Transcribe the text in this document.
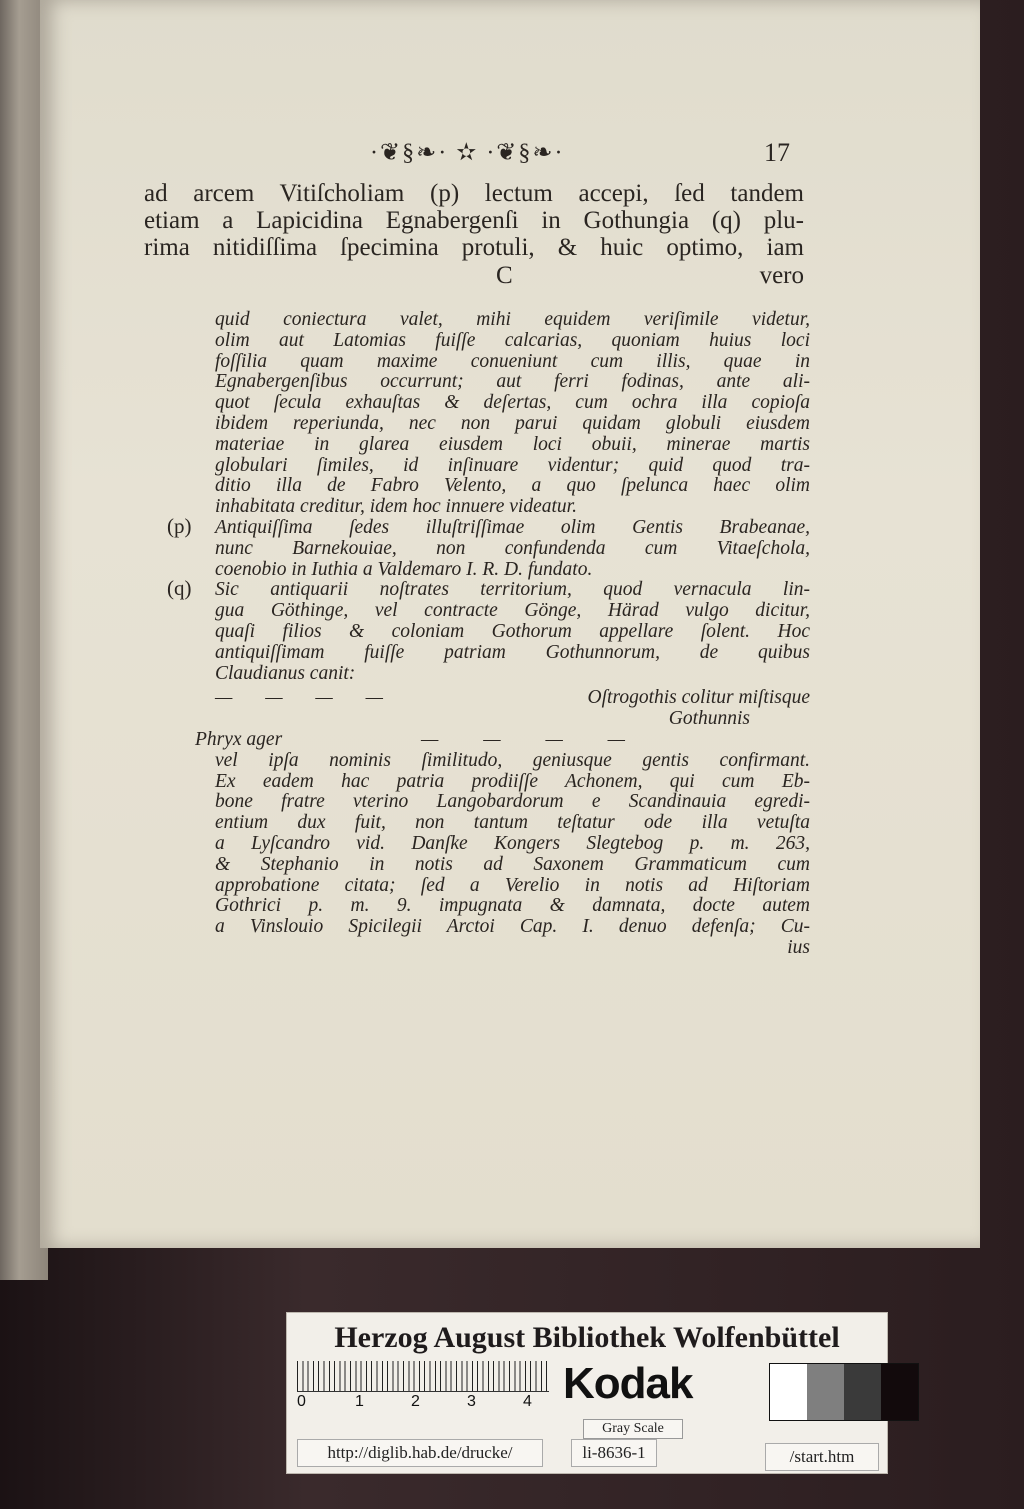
·❦§❧· ✫ ·❦§❧·	17
ad arcem Vitiſcholiam (p) lectum accepi, ſed tandem
etiam a Lapicidina Egnabergenſi in Gothungia (q) plu-
rima nitidiſſima ſpecimina protuli, & huic optimo, iam
C	vero
quid coniectura valet, mihi equidem veriſimile videtur,
olim aut Latomias fuiſſe calcarias, quoniam huius loci
foſſilia quam maxime conueniunt cum illis, quae in
Egnabergenſibus occurrunt; aut ferri fodinas, ante ali-
quot ſecula exhauſtas & deſertas, cum ochra illa copioſa
ibidem reperiunda, nec non parui quidam globuli eiusdem
materiae in glarea eiusdem loci obuii, minerae martis
globulari ſimiles, id inſinuare videntur; quid quod tra-
ditio illa de Fabro Velento, a quo ſpelunca haec olim
inhabitata creditur, idem hoc innuere videatur.
(p) Antiquiſſima ſedes illuſtriſſimae olim Gentis Brabeanae,
nunc Barnekouiae, non confundenda cum Vitaeſchola,
coenobio in Iuthia a Valdemaro I. R. D. fundato.
(q) Sic antiquarii noſtrates territorium, quod vernacula lin-
gua Göthinge, vel contracte Gönge, Härad vulgo dicitur,
quaſi filios & coloniam Gothorum appellare ſolent. Hoc
antiquiſſimam fuiſſe patriam Gothunnorum, de quibus
Claudianus canit:
— — — —	Oſtrogothis colitur miſtisque
Gothunnis
Phryx ager	— — — —
vel ipſa nominis ſimilitudo, geniusque gentis confirmant.
Ex eadem hac patria prodiiſſe Achonem, qui cum Eb-
bone fratre vterino Langobardorum e Scandinauia egredi-
entium dux fuit, non tantum teſtatur ode illa vetuſta
a Lyſcandro vid. Danſke Kongers Slegtebog p. m. 263,
& Stephanio in notis ad Saxonem Grammaticum cum
approbatione citata; ſed a Verelio in notis ad Hiſtoriam
Gothrici p. m. 9. impugnata & damnata, docte autem
a Vinslouio Spicilegii Arctoi Cap. I. denuo defenſa; Cu-
ius
Herzog August Bibliothek Wolfenbüttel
0	1	2	3	4 Kodak
Gray Scale
http://diglib.hab.de/drucke/	li-8636-1	/start.htm
